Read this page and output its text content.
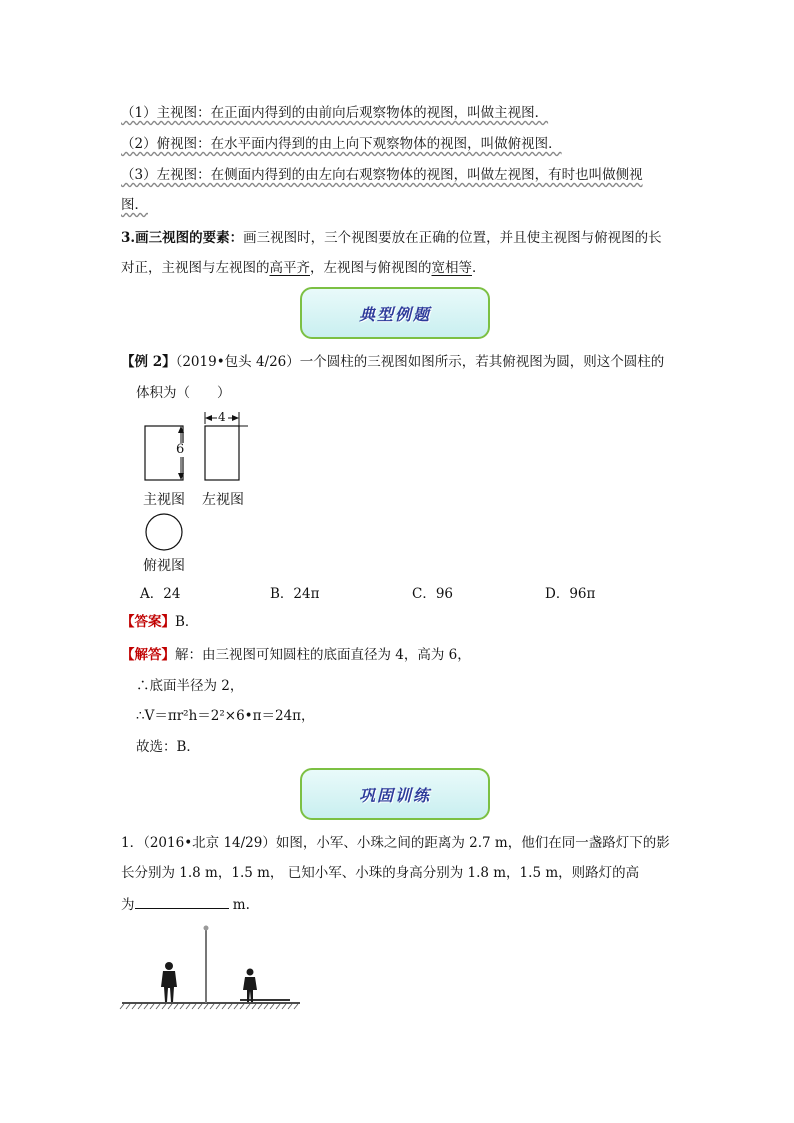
（1）主视图：在正面内得到的由前向后观察物体的视图，叫做主视图．
（2）俯视图：在水平面内得到的由上向下观察物体的视图，叫做俯视图．
（3）左视图：在侧面内得到的由左向右观察物体的视图，叫做左视图，有时也叫做侧视
图．
3.画三视图的要素：画三视图时，三个视图要放在正确的位置，并且使主视图与俯视图的长
对正，主视图与左视图的高平齐，左视图与俯视图的宽相等．
典型例题
【例 2】（2019•包头 4/26）一个圆柱的三视图如图所示，若其俯视图为圆，则这个圆柱的
体积为（　　）
6
4
主视图 左视图
俯视图
A．24	B．24π	C．96	D．96π
【答案】B．
【解答】解：由三视图可知圆柱的底面直径为 4，高为 6，
∴底面半径为 2，
∴V＝πr²h＝2²×6•π＝24π，
故选：B．
巩固训练
1．（2016•北京 14/29）如图，小军、小珠之间的距离为 2.7 m，他们在同一盏路灯下的影
长分别为 1.8 m，1.5 m， 已知小军、小珠的身高分别为 1.8 m，1.5 m，则路灯的高
为	m.
